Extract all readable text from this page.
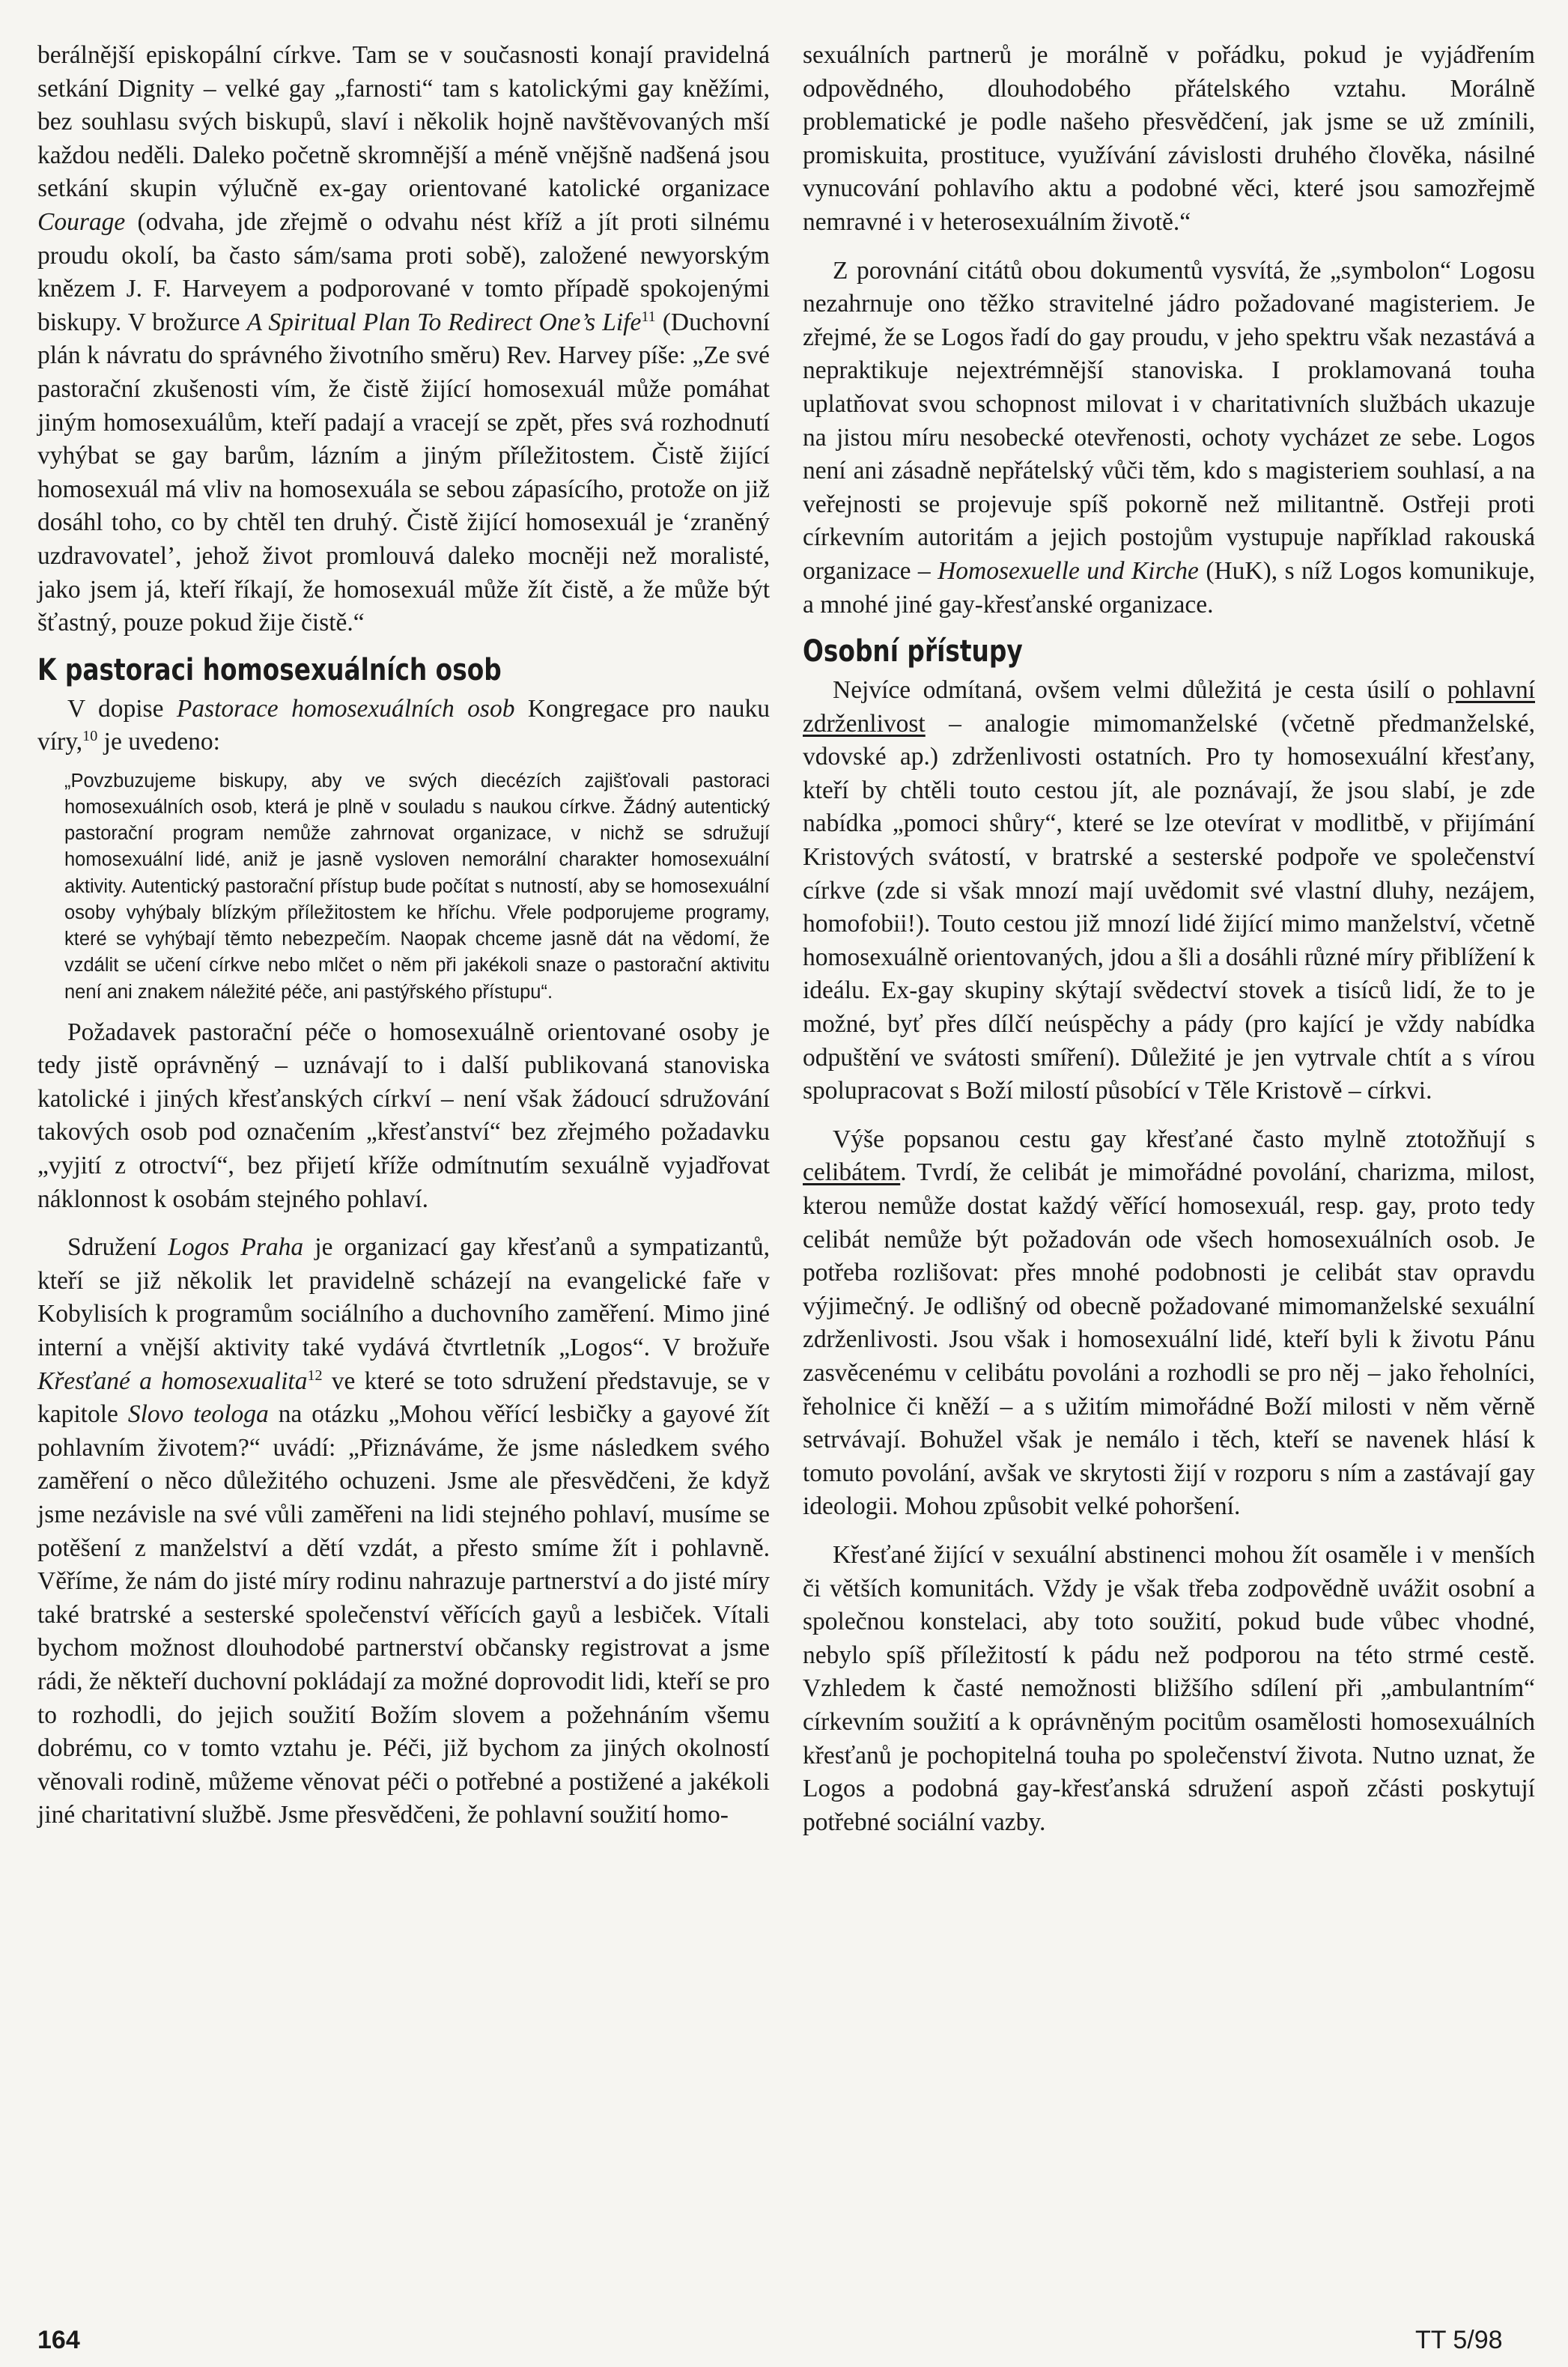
berálnější episkopální církve. Tam se v současnosti konají pravidelná setkání Dignity – velké gay „farnosti“ tam s katolickými gay kněžími, bez souhlasu svých biskupů, slaví i několik hojně navštěvovaných mší každou neděli. Daleko početně skromnější a méně vnějšně nadšená jsou setkání skupin výlučně ex-gay orientované katolické organizace Courage (odvaha, jde zřejmě o odvahu nést kříž a jít proti silnému proudu okolí, ba často sám/sama proti sobě), založené newyorským knězem J. F. Harveyem a podporované v tomto případě spokojenými biskupy. V brožurce A Spiritual Plan To Redirect One’s Life$^{11}$ (Duchovní plán k návratu do správného životního směru) Rev. Harvey píše: „Ze své pastorační zkušenosti vím, že čistě žijící homosexuál může pomáhat jiným homosexuálům, kteří padají a vracejí se zpět, přes svá rozhodnutí vyhýbat se gay barům, lázním a jiným příležitostem. Čistě žijící homosexuál má vliv na homosexuála se sebou zápasícího, protože on již dosáhl toho, co by chtěl ten druhý. Čistě žijící homosexuál je ‘zraněný uzdravovatel’, jehož život promlouvá daleko mocněji než moralisté, jako jsem já, kteří říkají, že homosexuál může žít čistě, a že může být šťastný, pouze pokud žije čistě.“

K pastoraci homosexuálních osob

V dopise Pastorace homosexuálních osob Kongregace pro nauku víry,$^{10}$ je uvedeno:

„Povzbuzujeme biskupy, aby ve svých diecézích zajišťovali pastoraci homosexuálních osob, která je plně v souladu s naukou církve. Žádný autentický pastorační program nemůže zahrnovat organizace, v nichž se sdružují homosexuální lidé, aniž je jasně vysloven nemorální charakter homosexuální aktivity. Autentický pastorační přístup bude počítat s nutností, aby se homosexuální osoby vyhýbaly blízkým příležitostem ke hříchu. Vřele podporujeme programy, které se vyhýbají těmto nebezpečím. Naopak chceme jasně dát na vědomí, že vzdálit se učení církve nebo mlčet o něm při jakékoli snaze o pastorační aktivitu není ani znakem náležité péče, ani pastýřského přístupu“.

Požadavek pastorační péče o homosexuálně orientované osoby je tedy jistě oprávněný – uznávají to i další publikovaná stanoviska katolické i jiných křesťanských církví – není však žádoucí sdružování takových osob pod označením „křesťanství“ bez zřejmého požadavku „vyjití z otroctví“, bez přijetí kříže odmítnutím sexuálně vyjadřovat náklonnost k osobám stejného pohlaví.

Sdružení Logos Praha je organizací gay křesťanů a sympatizantů, kteří se již několik let pravidelně scházejí na evangelické faře v Kobylisích k programům sociálního a duchovního zaměření. Mimo jiné interní a vnější aktivity také vydává čtvrtletník „Logos“. V brožuře Křesťané a homosexualita$^{12}$ ve které se toto sdružení představuje, se v kapitole Slovo teologa na otázku „Mohou věřící lesbičky a gayové žít pohlavním životem?“ uvádí: „Přiznáváme, že jsme následkem svého zaměření o něco důležitého ochuzeni. Jsme ale přesvědčeni, že když jsme nezávisle na své vůli zaměřeni na lidi stejného pohlaví, musíme se potěšení z manželství a dětí vzdát, a přesto smíme žít i pohlavně. Věříme, že nám do jisté míry rodinu nahrazuje partnerství a do jisté míry také bratrské a sesterské společenství věřících gayů a lesbiček. Vítali bychom možnost dlouhodobé partnerství občansky registrovat a jsme rádi, že někteří duchovní pokládají za možné doprovodit lidi, kteří se pro to rozhodli, do jejich soužití Božím slovem a požehnáním všemu dobrému, co v tomto vztahu je. Péči, již bychom za jiných okolností věnovali rodině, můžeme věnovat péči o potřebné a postižené a jakékoli jiné charitativní službě. Jsme přesvědčeni, že pohlavní soužití homo-

sexuálních partnerů je morálně v pořádku, pokud je vyjádřením odpovědného, dlouhodobého přátelského vztahu. Morálně problematické je podle našeho přesvědčení, jak jsme se už zmínili, promiskuita, prostituce, využívání závislosti druhého člověka, násilné vynucování pohlavího aktu a podobné věci, které jsou samozřejmě nemravné i v heterosexuálním životě.“

Z porovnání citátů obou dokumentů vysvítá, že „symbolon“ Logosu nezahrnuje ono těžko stravitelné jádro požadované magisteriem. Je zřejmé, že se Logos řadí do gay proudu, v jeho spektru však nezastává a nepraktikuje nejextrémnější stanoviska. I proklamovaná touha uplatňovat svou schopnost milovat i v charitativních službách ukazuje na jistou míru nesobecké otevřenosti, ochoty vycházet ze sebe. Logos není ani zásadně nepřátelský vůči těm, kdo s magisteriem souhlasí, a na veřejnosti se projevuje spíš pokorně než militantně. Ostřeji proti církevním autoritám a jejich postojům vystupuje například rakouská organizace – Homosexuelle und Kirche (HuK), s níž Logos komunikuje, a mnohé jiné gay-křesťanské organizace.

Osobní přístupy

Nejvíce odmítaná, ovšem velmi důležitá je cesta úsilí o pohlavní zdrženlivost – analogie mimomanželské (včetně předmanželské, vdovské ap.) zdrženlivosti ostatních. Pro ty homosexuální křesťany, kteří by chtěli touto cestou jít, ale poznávají, že jsou slabí, je zde nabídka „pomoci shůry“, které se lze otevírat v modlitbě, v přijímání Kristových svátostí, v bratrské a sesterské podpoře ve společenství církve (zde si však mnozí mají uvědomit své vlastní dluhy, nezájem, homofobii!). Touto cestou již mnozí lidé žijící mimo manželství, včetně homosexuálně orientovaných, jdou a šli a dosáhli různé míry přiblížení k ideálu. Ex-gay skupiny skýtají svědectví stovek a tisíců lidí, že to je možné, byť přes dílčí neúspěchy a pády (pro kající je vždy nabídka odpuštění ve svátosti smíření). Důležité je jen vytrvale chtít a s vírou spolupracovat s Boží milostí působící v Těle Kristově – církvi.

Výše popsanou cestu gay křesťané často mylně ztotožňují s celibátem. Tvrdí, že celibát je mimořádné povolání, charizma, milost, kterou nemůže dostat každý věřící homosexuál, resp. gay, proto tedy celibát nemůže být požadován ode všech homosexuálních osob. Je potřeba rozlišovat: přes mnohé podobnosti je celibát stav opravdu výjimečný. Je odlišný od obecně požadované mimomanželské sexuální zdrženlivosti. Jsou však i homosexuální lidé, kteří byli k životu Pánu zasvěcenému v celibátu povoláni a rozhodli se pro něj – jako řeholníci, řeholnice či kněží – a s užitím mimořádné Boží milosti v něm věrně setrvávají. Bohužel však je nemálo i těch, kteří se navenek hlásí k tomuto povolání, avšak ve skrytosti žijí v rozporu s ním a zastávají gay ideologii. Mohou způsobit velké pohoršení.

Křesťané žijící v sexuální abstinenci mohou žít osaměle i v menších či větších komunitách. Vždy je však třeba zodpovědně uvážit osobní a společnou konstelaci, aby toto soužití, pokud bude vůbec vhodné, nebylo spíš příležitostí k pádu než podporou na této strmé cestě. Vzhledem k časté nemožnosti bližšího sdílení při „ambulantním“ církevním soužití a k oprávněným pocitům osamělosti homosexuálních křesťanů je pochopitelná touha po společenství života. Nutno uznat, že Logos a podobná gay-křesťanská sdružení aspoň zčásti poskytují potřebné sociální vazby.

164	TT 5/98
